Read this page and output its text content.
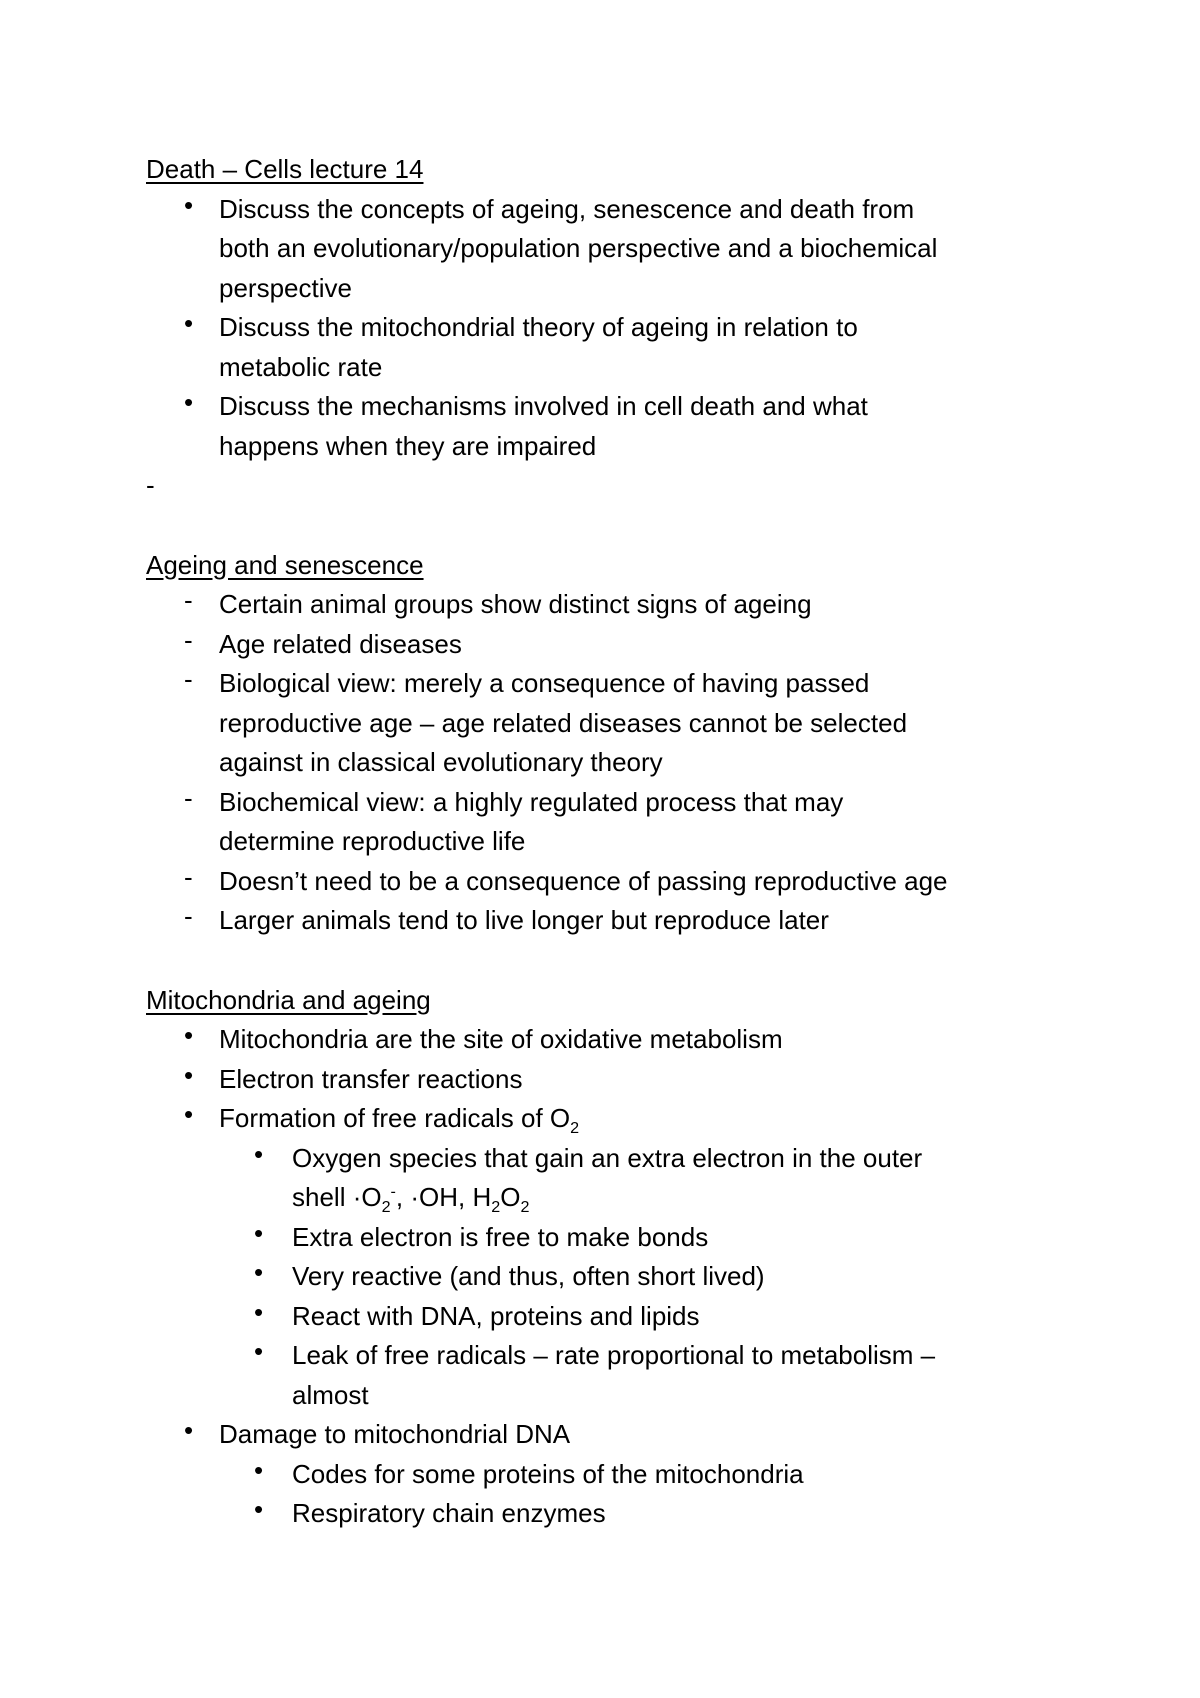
Death – Cells lecture 14
• Discuss the concepts of ageing, senescence and death from
both an evolutionary/population perspective and a biochemical
perspective
• Discuss the mitochondrial theory of ageing in relation to
metabolic rate
• Discuss the mechanisms involved in cell death and what
happens when they are impaired
-
Ageing and senescence
- Certain animal groups show distinct signs of ageing
- Age related diseases
- Biological view: merely a consequence of having passed
reproductive age – age related diseases cannot be selected
against in classical evolutionary theory
- Biochemical view: a highly regulated process that may
determine reproductive life
- Doesn’t need to be a consequence of passing reproductive age
- Larger animals tend to live longer but reproduce later
Mitochondria and ageing
• Mitochondria are the site of oxidative metabolism
• Electron transfer reactions
• Formation of free radicals of $O_2$
• Oxygen species that gain an extra electron in the outer
shell $\cdot O_2^-$, ·OH, $H_2O_2$
• Extra electron is free to make bonds
• Very reactive (and thus, often short lived)
• React with DNA, proteins and lipids
• Leak of free radicals – rate proportional to metabolism –
almost
• Damage to mitochondrial DNA
• Codes for some proteins of the mitochondria
• Respiratory chain enzymes
